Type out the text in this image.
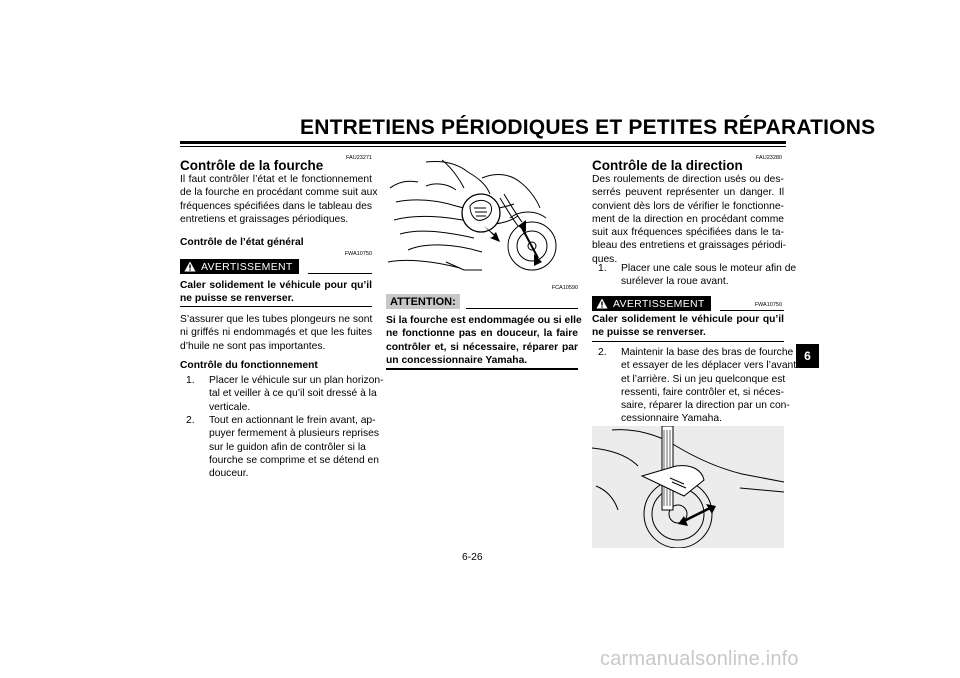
ENTRETIENS PÉRIODIQUES ET PETITES RÉPARATIONS
FAU23271
Contrôle de la fourche
Il faut contrôler l’état et le fonctionnement
de la fourche en procédant comme suit aux
fréquences spécifiées dans le tableau des
entretiens et graissages périodiques.
Contrôle de l’état général
AVERTISSEMENT
FWA10750
Caler solidement le véhicule pour qu’il
ne puisse se renverser.
S’assurer que les tubes plongeurs ne sont
ni griffés ni endommagés et que les fuites
d’huile ne sont pas importantes.
Contrôle du fonctionnement
1. Placer le véhicule sur un plan horizon-
tal et veiller à ce qu’il soit dressé à la
verticale.
2. Tout en actionnant le frein avant, ap-
puyer fermement à plusieurs reprises
sur le guidon afin de contrôler si la
fourche se comprime et se détend en
douceur.
FCA10590
ATTENTION:
Si la fourche est endommagée ou si elle
ne fonctionne pas en douceur, la faire
contrôler et, si nécessaire, réparer par
un concessionnaire Yamaha.
FAU23280
Contrôle de la direction
Des roulements de direction usés ou des-
serrés peuvent représenter un danger. Il
convient dès lors de vérifier le fonctionne-
ment de la direction en procédant comme
suit aux fréquences spécifiées dans le ta-
bleau des entretiens et graissages périodi-
ques.
1. Placer une cale sous le moteur afin de
surélever la roue avant.
AVERTISSEMENT	FWA10750
Caler solidement le véhicule pour qu’il
ne puisse se renverser.
2. Maintenir la base des bras de fourche
et essayer de les déplacer vers l’avant
et l’arrière. Si un jeu quelconque est
ressenti, faire contrôler et, si néces-
saire, réparer la direction par un con-
cessionnaire Yamaha.
6
6-26
carmanualsonline.info
